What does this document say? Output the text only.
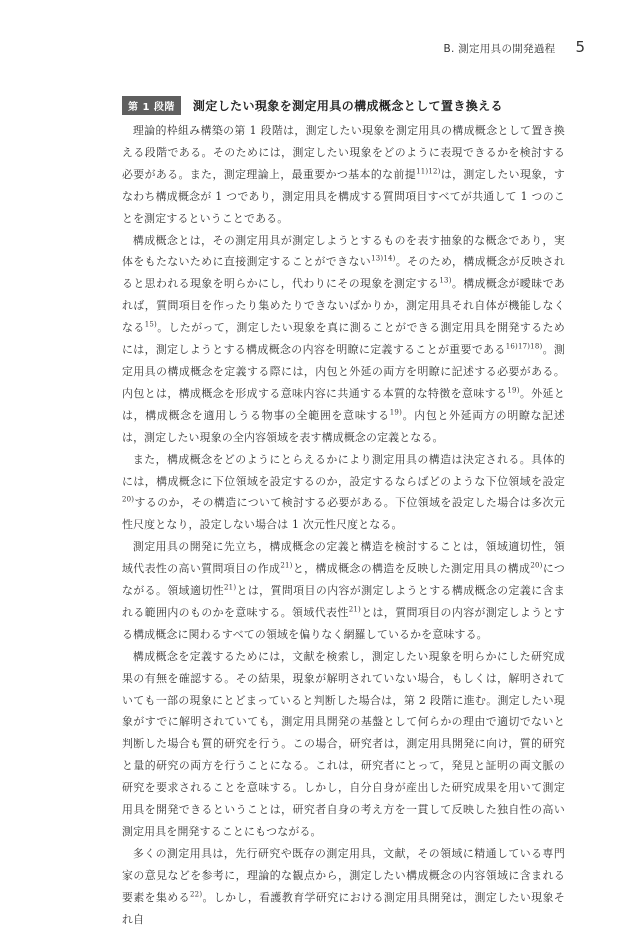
B. 測定用具の開発過程 5
第 1 段階	測定したい現象を測定用具の構成概念として置き換える

理論的枠組み構築の第 1 段階は，測定したい現象を測定用具の構成概念として置き換える段階である。そのためには，測定したい現象をどのように表現できるかを検討する必要がある。また，測定理論上，最重要かつ基本的な前提$^{11)12)}$は，測定したい現象，すなわち構成概念が 1 つであり，測定用具を構成する質問項目すべてが共通して 1 つのことを測定するということである。

構成概念とは，その測定用具が測定しようとするものを表す抽象的な概念であり，実体をもたないために直接測定することができない$^{13)14)}$。そのため，構成概念が反映されると思われる現象を明らかにし，代わりにその現象を測定する$^{13)}$。構成概念が曖昧であれば，質問項目を作ったり集めたりできないばかりか，測定用具それ自体が機能しなくなる$^{15)}$。したがって，測定したい現象を真に測ることができる測定用具を開発するためには，測定しようとする構成概念の内容を明瞭に定義することが重要である$^{16)17)18)}$。測定用具の構成概念を定義する際には，内包と外延の両方を明瞭に記述する必要がある。内包とは，構成概念を形成する意味内容に共通する本質的な特徴を意味する$^{19)}$。外延とは，構成概念を適用しうる物事の全範囲を意味する$^{19)}$。内包と外延両方の明瞭な記述は，測定したい現象の全内容領域を表す構成概念の定義となる。

また，構成概念をどのようにとらえるかにより測定用具の構造は決定される。具体的には，構成概念に下位領域を設定するのか，設定するならばどのような下位領域を設定$^{20)}$するのか，その構造について検討する必要がある。下位領域を設定した場合は多次元性尺度となり，設定しない場合は 1 次元性尺度となる。

測定用具の開発に先立ち，構成概念の定義と構造を検討することは，領域適切性，領域代表性の高い質問項目の作成$^{21)}$と，構成概念の構造を反映した測定用具の構成$^{20)}$につながる。領域適切性$^{21)}$とは，質問項目の内容が測定しようとする構成概念の定義に含まれる範囲内のものかを意味する。領域代表性$^{21)}$とは，質問項目の内容が測定しようとする構成概念に関わるすべての領域を偏りなく網羅しているかを意味する。

構成概念を定義するためには，文献を検索し，測定したい現象を明らかにした研究成果の有無を確認する。その結果，現象が解明されていない場合，もしくは，解明されていても一部の現象にとどまっていると判断した場合は，第 2 段階に進む。測定したい現象がすでに解明されていても，測定用具開発の基盤として何らかの理由で適切でないと判断した場合も質的研究を行う。この場合，研究者は，測定用具開発に向け，質的研究と量的研究の両方を行うことになる。これは，研究者にとって，発見と証明の両文脈の研究を要求されることを意味する。しかし，自分自身が産出した研究成果を用いて測定用具を開発できるということは，研究者自身の考え方を一貫して反映した独自性の高い測定用具を開発することにもつながる。

多くの測定用具は，先行研究や既存の測定用具，文献，その領域に精通している専門家の意見などを参考に，理論的な観点から，測定したい構成概念の内容領域に含まれる要素を集める$^{22)}$。しかし，看護教育学研究における測定用具開発は，測定したい現象それ自
